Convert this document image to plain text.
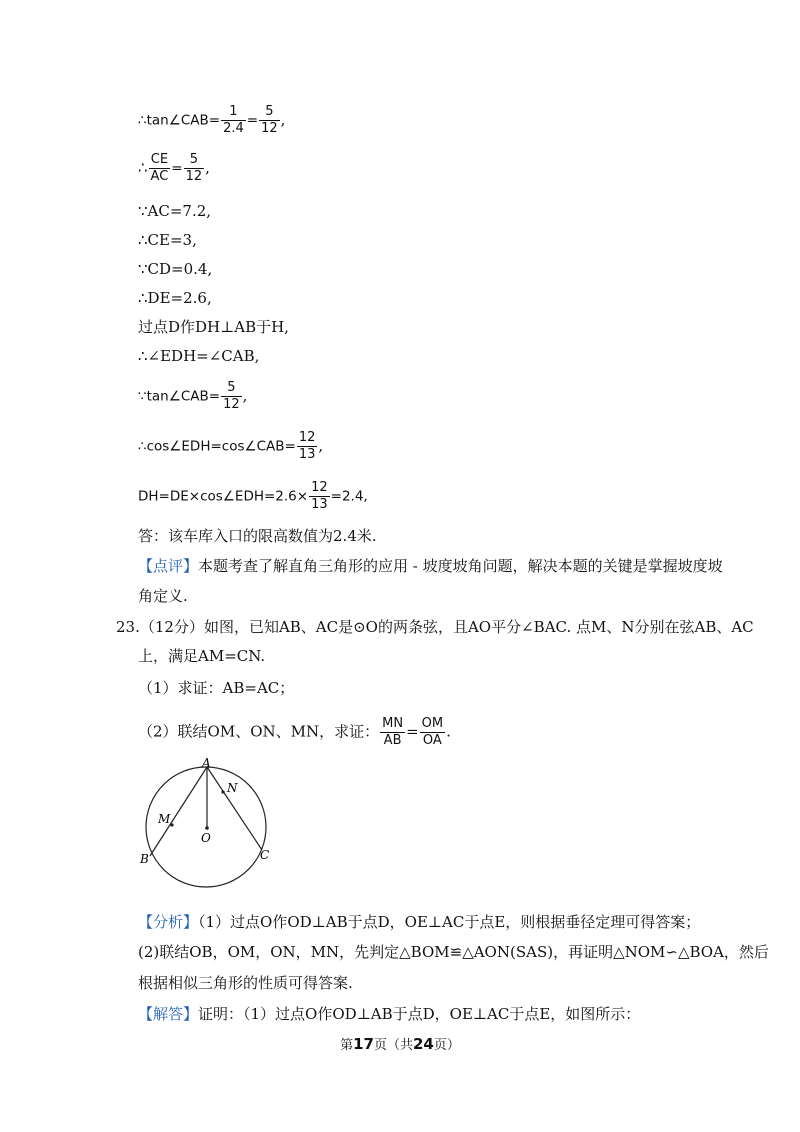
∴tan∠CAB= $\frac{1}{2.4} = \frac{5}{12}$ ,
∴ $\frac{CE}{AC} = \frac{5}{12}$ ,
∵AC=7.2,
∴CE=3,
∵CD=0.4,
∴DE=2.6,
过点D作DH⊥AB于H,
∴∠EDH=∠CAB,
∵tan∠CAB= $\frac{5}{12}$ ,
∴cos∠EDH=cos∠CAB= $\frac{12}{13}$ ,
DH=DE×cos∠EDH=2.6× $\frac{12}{13} =2.4$,
答：该车库入口的限高数值为2.4米.
【点评】本题考查了解直角三角形的应用 - 坡度坡角问题，解决本题的关键是掌握坡度坡
角定义.
23.（12分）如图，已知AB、AC是⊙O的两条弦，且AO平分∠BAC. 点M、N分别在弦AB、AC
上，满足AM=CN.
（1）求证：AB=AC；
（2）联结OM、ON、MN，求证： $\frac{MN}{AB} = \frac{OM}{OA}$ .
A
B	C
M
N
O
【分析】（1）过点O作OD⊥AB于点D，OE⊥AC于点E，则根据垂径定理可得答案；
(2)联结OB，OM，ON，MN，先判定△BOM≌△AON(SAS)，再证明△NOM∽△BOA，然后
根据相似三角形的性质可得答案.
【解答】证明：（1）过点O作OD⊥AB于点D，OE⊥AC于点E，如图所示：
第17页（共24页）
